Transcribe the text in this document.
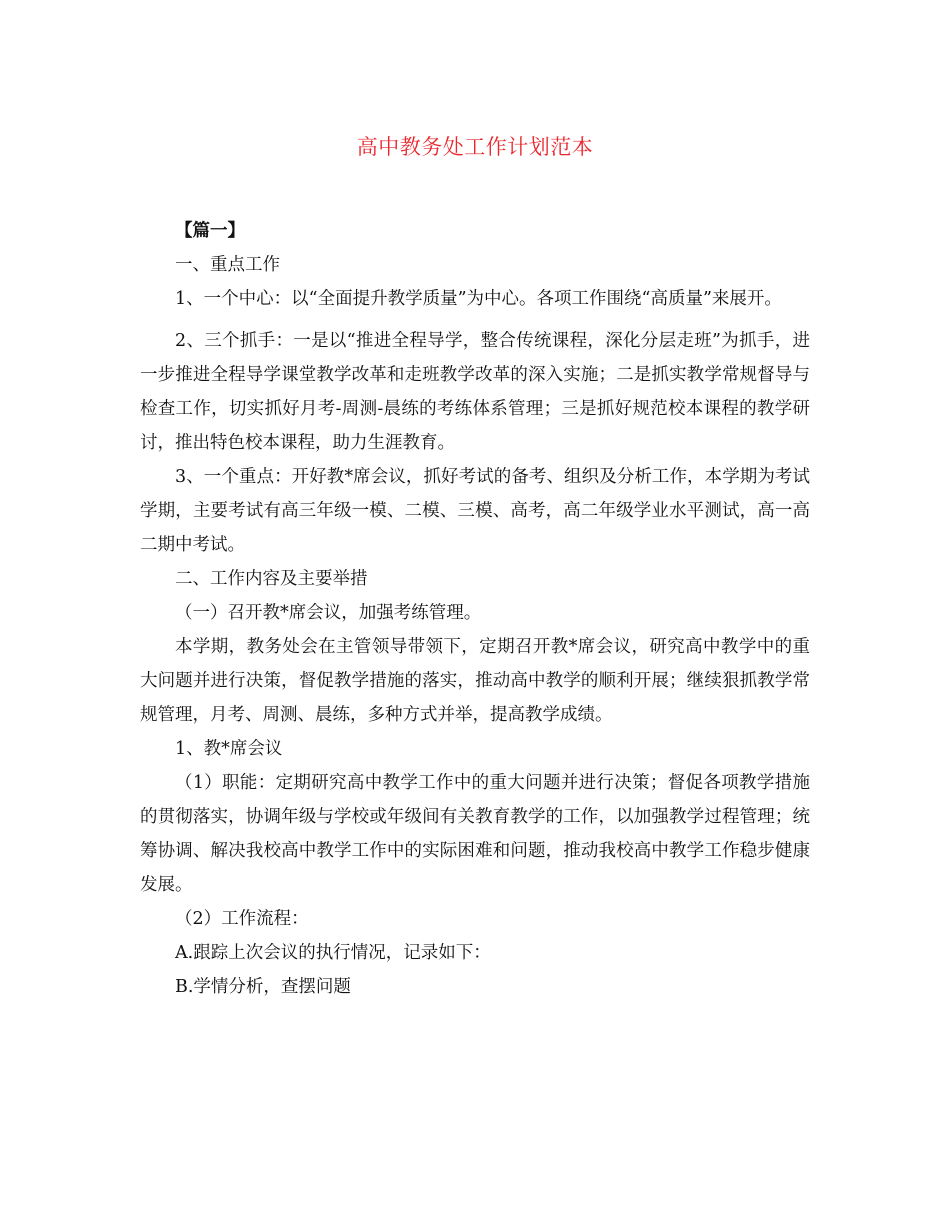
高中教务处工作计划范本

【篇一】

一、重点工作

1、一个中心：以“全面提升教学质量”为中心。各项工作围绕“高质量”来展开。

2、三个抓手：一是以“推进全程导学，整合传统课程，深化分层走班”为抓手，进一步推进全程导学课堂教学改革和走班教学改革的深入实施；二是抓实教学常规督导与检查工作，切实抓好月考-周测-晨练的考练体系管理；三是抓好规范校本课程的教学研讨，推出特色校本课程，助力生涯教育。

3、一个重点：开好教*席会议，抓好考试的备考、组织及分析工作，本学期为考试学期，主要考试有高三年级一模、二模、三模、高考，高二年级学业水平测试，高一高二期中考试。

二、工作内容及主要举措

（一）召开教*席会议，加强考练管理。

本学期，教务处会在主管领导带领下，定期召开教*席会议，研究高中教学中的重大问题并进行决策，督促教学措施的落实，推动高中教学的顺利开展；继续狠抓教学常规管理，月考、周测、晨练，多种方式并举，提高教学成绩。

1、教*席会议

（1）职能：定期研究高中教学工作中的重大问题并进行决策；督促各项教学措施的贯彻落实，协调年级与学校或年级间有关教育教学的工作，以加强教学过程管理；统筹协调、解决我校高中教学工作中的实际困难和问题，推动我校高中教学工作稳步健康发展。

（2）工作流程：

A.跟踪上次会议的执行情况，记录如下：

B.学情分析，查摆问题
